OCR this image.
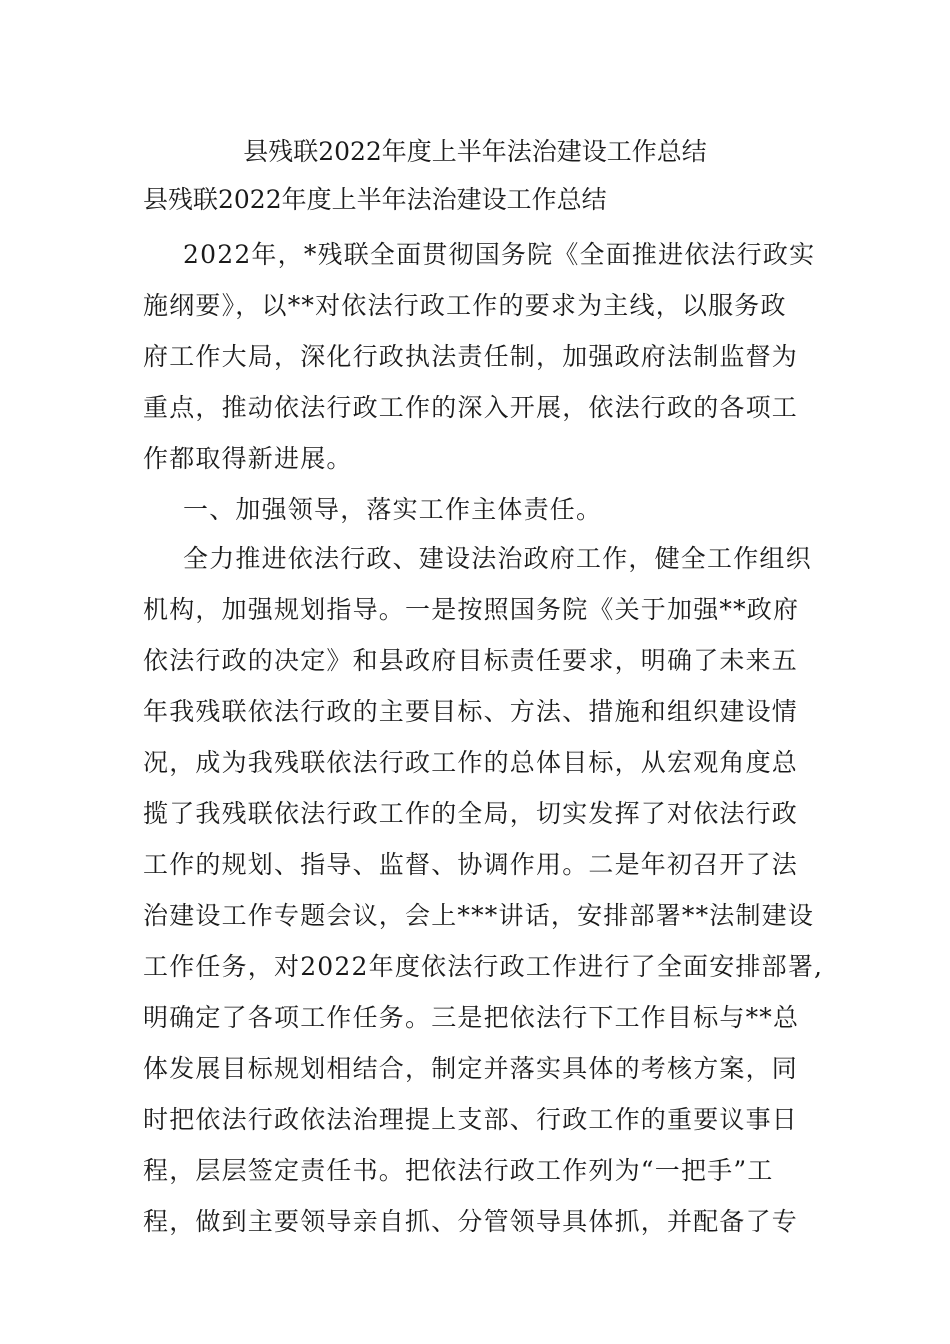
县残联2022年度上半年法治建设工作总结
县残联2022年度上半年法治建设工作总结
2022年，*残联全面贯彻国务院《全面推进依法行政实
施纲要》，以**对依法行政工作的要求为主线，以服务政
府工作大局，深化行政执法责任制，加强政府法制监督为
重点，推动依法行政工作的深入开展，依法行政的各项工
作都取得新进展。
一、加强领导，落实工作主体责任。
全力推进依法行政、建设法治政府工作，健全工作组织
机构，加强规划指导。一是按照国务院《关于加强**政府
依法行政的决定》和县政府目标责任要求，明确了未来五
年我残联依法行政的主要目标、方法、措施和组织建设情
况，成为我残联依法行政工作的总体目标，从宏观角度总
揽了我残联依法行政工作的全局，切实发挥了对依法行政
工作的规划、指导、监督、协调作用。二是年初召开了法
治建设工作专题会议，会上***讲话，安排部署**法制建设
工作任务，对2022年度依法行政工作进行了全面安排部署,
明确定了各项工作任务。三是把依法行下工作目标与**总
体发展目标规划相结合，制定并落实具体的考核方案，同
时把依法行政依法治理提上支部、行政工作的重要议事日
程，层层签定责任书。把依法行政工作列为“一把手”工
程，做到主要领导亲自抓、分管领导具体抓，并配备了专
